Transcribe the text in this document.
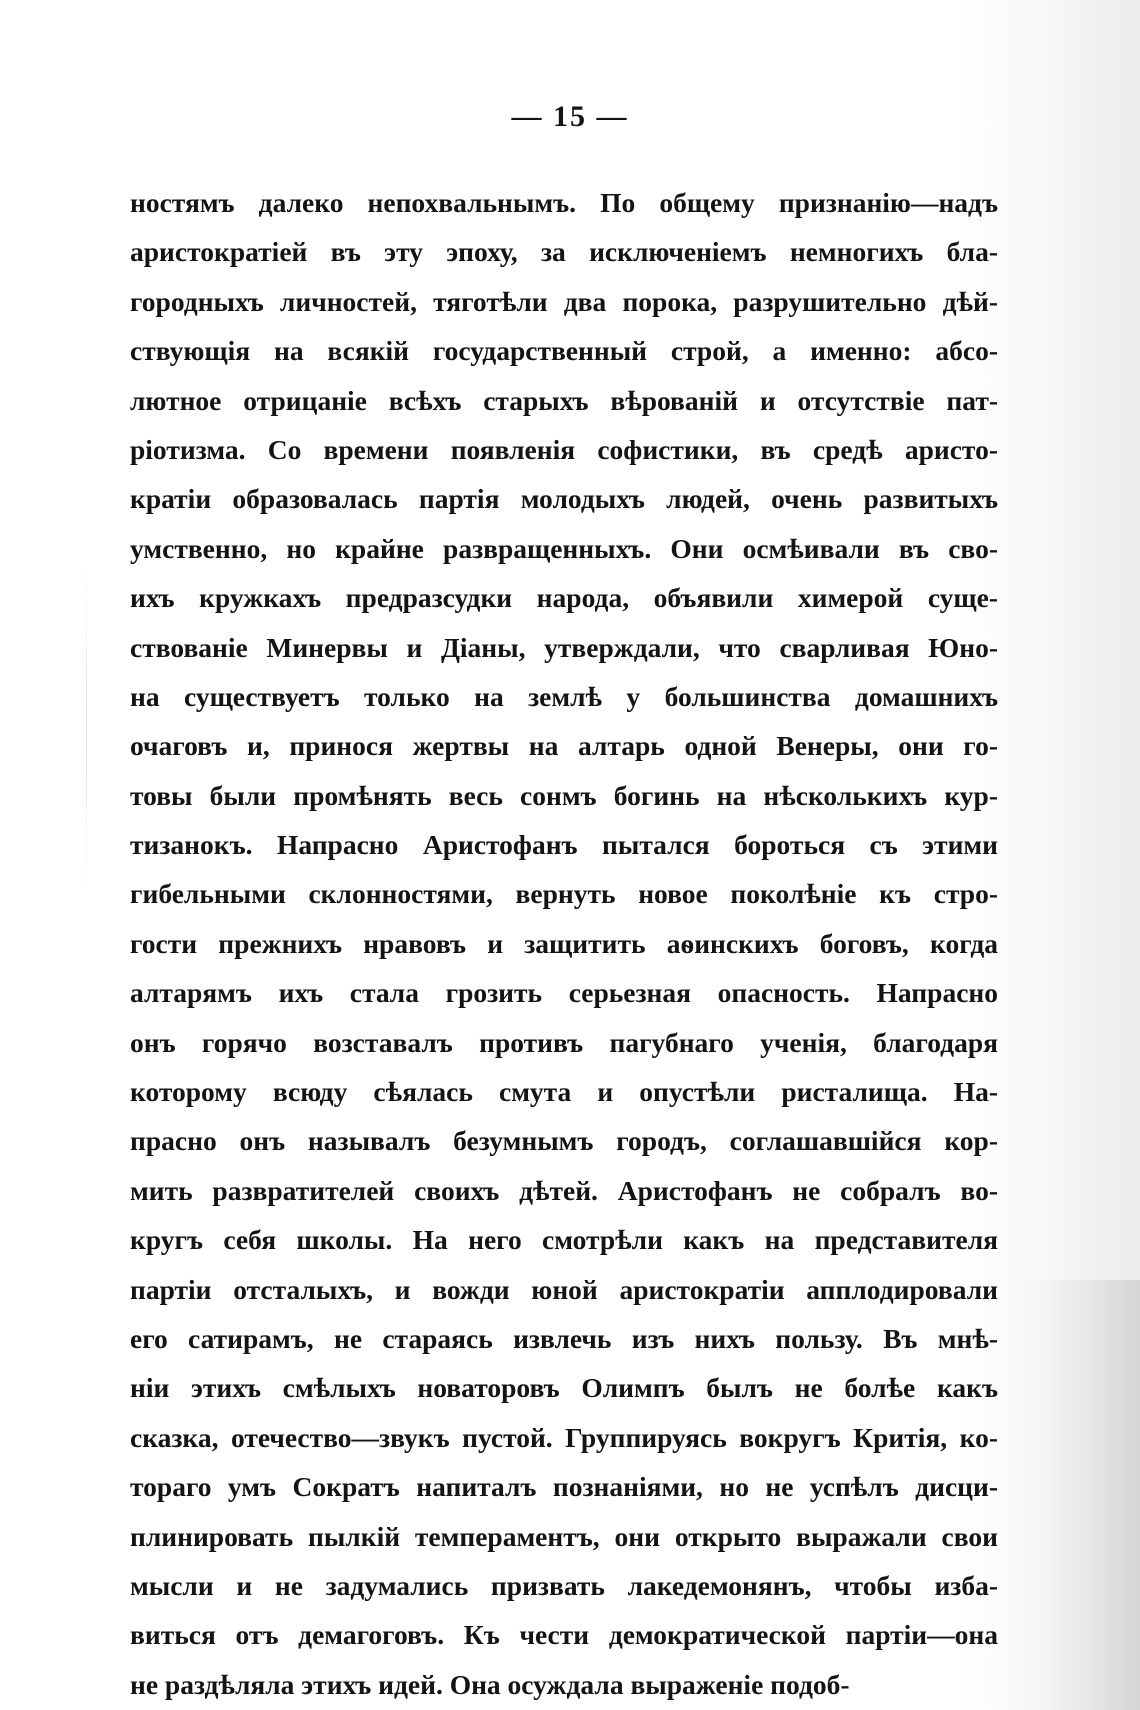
— 15 —
ностямъ далеко непохвальнымъ. По общему признанію—надъ
аристократіей въ эту эпоху, за исключеніемъ немногихъ бла-
городныхъ личностей, тяготѣли два порока, разрушительно дѣй-
ствующія на всякій государственный строй, а именно: абсо-
лютное отрицаніе всѣхъ старыхъ вѣрованій и отсутствіе пат-
ріотизма. Со времени появленія софистики, въ средѣ аристо-
кратіи образовалась партія молодыхъ людей, очень развитыхъ
умственно, но крайне развращенныхъ. Они осмѣивали въ сво-
ихъ кружкахъ предразсудки народа, объявили химерой суще-
ствованіе Минервы и Діаны, утверждали, что сварливая Юно-
на существуетъ только на землѣ у большинства домашнихъ
очаговъ и, принося жертвы на алтарь одной Венеры, они го-
товы были промѣнять весь сонмъ богинь на нѣсколькихъ кур-
тизанокъ. Напрасно Аристофанъ пытался бороться съ этими
гибельными склонностями, вернуть новое поколѣніе къ стро-
гости прежнихъ нравовъ и защитить аѳинскихъ боговъ, когда
алтарямъ ихъ стала грозить серьезная опасность. Напрасно
онъ горячо возставалъ противъ пагубнаго ученія, благодаря
которому всюду сѣялась смута и опустѣли ристалища. На-
прасно онъ называлъ безумнымъ городъ, соглашавшійся кор-
мить развратителей своихъ дѣтей. Аристофанъ не собралъ во-
кругъ себя школы. На него смотрѣли какъ на представителя
партіи отсталыхъ, и вожди юной аристократіи апплодировали
его сатирамъ, не стараясь извлечь изъ нихъ пользу. Въ мнѣ-
ніи этихъ смѣлыхъ новаторовъ Олимпъ былъ не болѣе какъ
сказка, отечество—звукъ пустой. Группируясь вокругъ Критія, ко-
тораго умъ Сократъ напиталъ познаніями, но не успѣлъ дисци-
плинировать пылкій темпераментъ, они открыто выражали свои
мысли и не задумались призвать лакедемонянъ, чтобы изба-
виться отъ демагоговъ. Къ чести демократической партіи—она
не раздѣляла этихъ идей. Она осуждала выраженіе подоб-
